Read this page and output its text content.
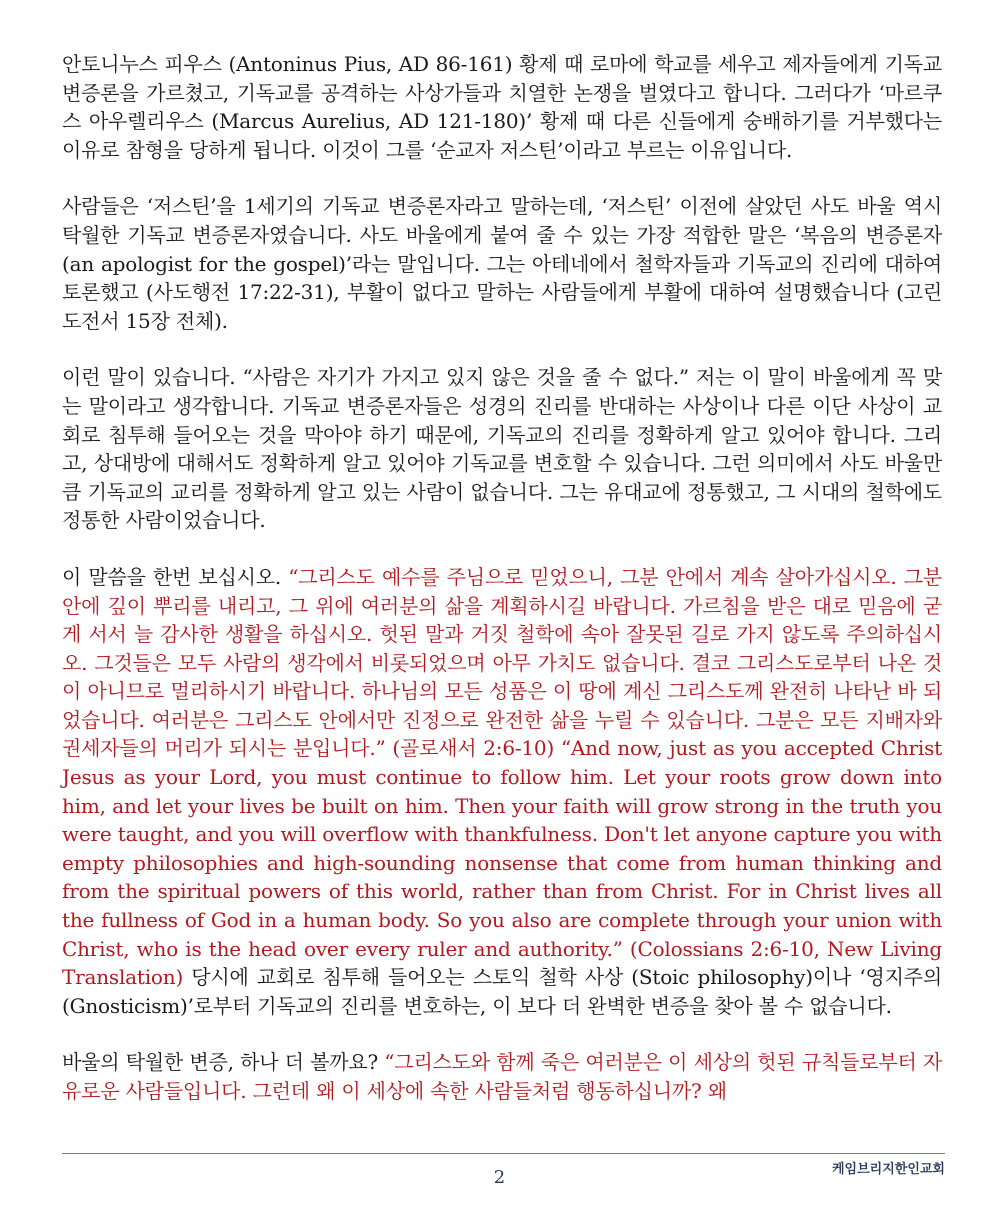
안토니누스 피우스 (Antoninus Pius, AD 86-161) 황제 때 로마에 학교를 세우고 제자들에게 기독교 변증론을 가르쳤고, 기독교를 공격하는 사상가들과 치열한 논쟁을 벌였다고 합니다. 그러다가 ‘마르쿠스 아우렐리우스 (Marcus Aurelius, AD 121-180)’ 황제 때 다른 신들에게 숭배하기를 거부했다는 이유로 참형을 당하게 됩니다. 이것이 그를 ‘순교자 저스틴’이라고 부르는 이유입니다.

사람들은 ‘저스틴’을 1세기의 기독교 변증론자라고 말하는데, ‘저스틴’ 이전에 살았던 사도 바울 역시 탁월한 기독교 변증론자였습니다. 사도 바울에게 붙여 줄 수 있는 가장 적합한 말은 ‘복음의 변증론자 (an apologist for the gospel)’라는 말입니다. 그는 아테네에서 철학자들과 기독교의 진리에 대하여 토론했고 (사도행전 17:22-31), 부활이 없다고 말하는 사람들에게 부활에 대하여 설명했습니다 (고린도전서 15장 전체).

이런 말이 있습니다. “사람은 자기가 가지고 있지 않은 것을 줄 수 없다.” 저는 이 말이 바울에게 꼭 맞는 말이라고 생각합니다. 기독교 변증론자들은 성경의 진리를 반대하는 사상이나 다른 이단 사상이 교회로 침투해 들어오는 것을 막아야 하기 때문에, 기독교의 진리를 정확하게 알고 있어야 합니다. 그리고, 상대방에 대해서도 정확하게 알고 있어야 기독교를 변호할 수 있습니다. 그런 의미에서 사도 바울만큼 기독교의 교리를 정확하게 알고 있는 사람이 없습니다. 그는 유대교에 정통했고, 그 시대의 철학에도 정통한 사람이었습니다.

이 말씀을 한번 보십시오. “그리스도 예수를 주님으로 믿었으니, 그분 안에서 계속 살아가십시오. 그분 안에 깊이 뿌리를 내리고, 그 위에 여러분의 삶을 계획하시길 바랍니다. 가르침을 받은 대로 믿음에 굳게 서서 늘 감사한 생활을 하십시오. 헛된 말과 거짓 철학에 속아 잘못된 길로 가지 않도록 주의하십시오. 그것들은 모두 사람의 생각에서 비롯되었으며 아무 가치도 없습니다. 결코 그리스도로부터 나온 것이 아니므로 멀리하시기 바랍니다. 하나님의 모든 성품은 이 땅에 계신 그리스도께 완전히 나타난 바 되었습니다. 여러분은 그리스도 안에서만 진정으로 완전한 삶을 누릴 수 있습니다. 그분은 모든 지배자와 권세자들의 머리가 되시는 분입니다.” (골로새서 2:6-10) “And now, just as you accepted Christ Jesus as your Lord, you must continue to follow him. Let your roots grow down into him, and let your lives be built on him. Then your faith will grow strong in the truth you were taught, and you will overflow with thankfulness. Don't let anyone capture you with empty philosophies and high-sounding nonsense that come from human thinking and from the spiritual powers of this world, rather than from Christ. For in Christ lives all the fullness of God in a human body. So you also are complete through your union with Christ, who is the head over every ruler and authority.” (Colossians 2:6-10, New Living Translation) 당시에 교회로 침투해 들어오는 스토익 철학 사상 (Stoic philosophy)이나 ‘영지주의 (Gnosticism)’로부터 기독교의 진리를 변호하는, 이 보다 더 완벽한 변증을 찾아 볼 수 없습니다.

바울의 탁월한 변증, 하나 더 볼까요? “그리스도와 함께 죽은 여러분은 이 세상의 헛된 규칙들로부터 자유로운 사람들입니다. 그런데 왜 이 세상에 속한 사람들처럼 행동하십니까? 왜

2	케임브리지한인교회
